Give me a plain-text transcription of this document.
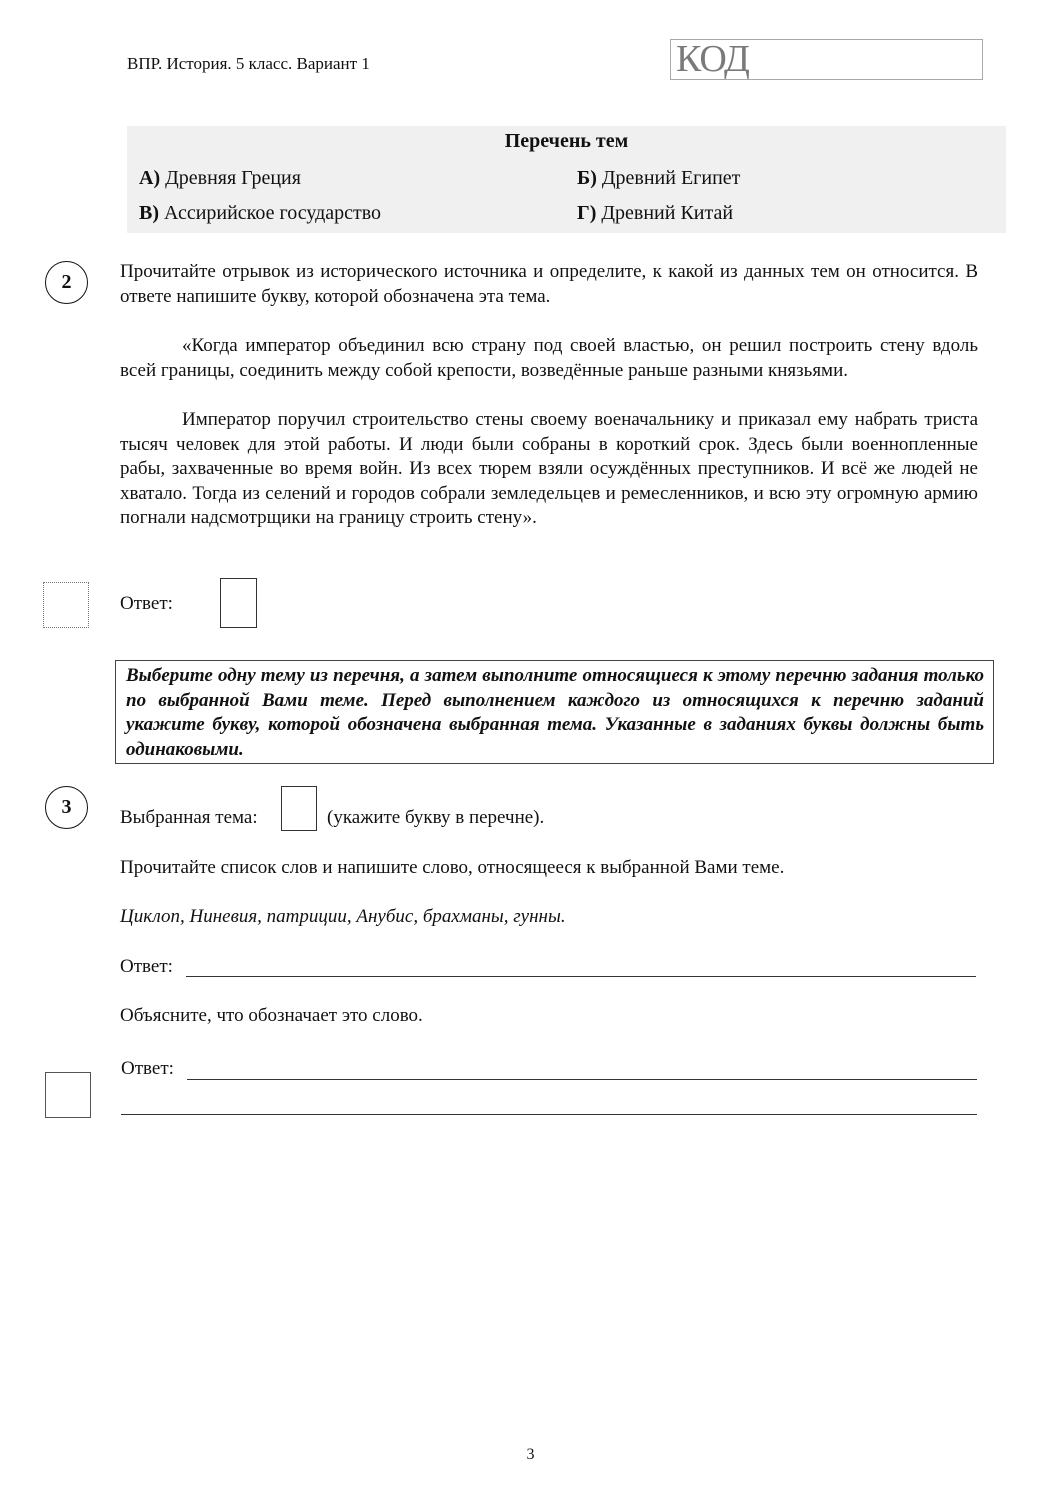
ВПР. История. 5 класс. Вариант 1	КОД
Перечень тем
А) Древняя Греция	Б) Древний Египет
В) Ассирийское государство	Г) Древний Китай
2	Прочитайте отрывок из исторического источника и определите, к какой из данных тем он относится. В ответе напишите букву, которой обозначена эта тема.
«Когда император объединил всю страну под своей властью, он решил построить стену вдоль всей границы, соединить между собой крепости, возведённые раньше разными князьями.
Император поручил строительство стены своему военачальнику и приказал ему набрать триста тысяч человек для этой работы. И люди были собраны в короткий срок. Здесь были военнопленные рабы, захваченные во время войн. Из всех тюрем взяли осуждённых преступников. И всё же людей не хватало. Тогда из селений и городов собрали земледельцев и ремесленников, и всю эту огромную армию погнали надсмотрщики на границу строить стену».
Ответ:
Выберите одну тему из перечня, а затем выполните относящиеся к этому перечню задания только по выбранной Вами теме. Перед выполнением каждого из относящихся к перечню заданий укажите букву, которой обозначена выбранная тема. Указанные в заданиях буквы должны быть одинаковыми.
3	Выбранная тема:	(укажите букву в перечне).
Прочитайте список слов и напишите слово, относящееся к выбранной Вами теме.
Циклоп, Ниневия, патриции, Анубис, брахманы, гунны.
Ответ:
Объясните, что обозначает это слово.
Ответ:
3
